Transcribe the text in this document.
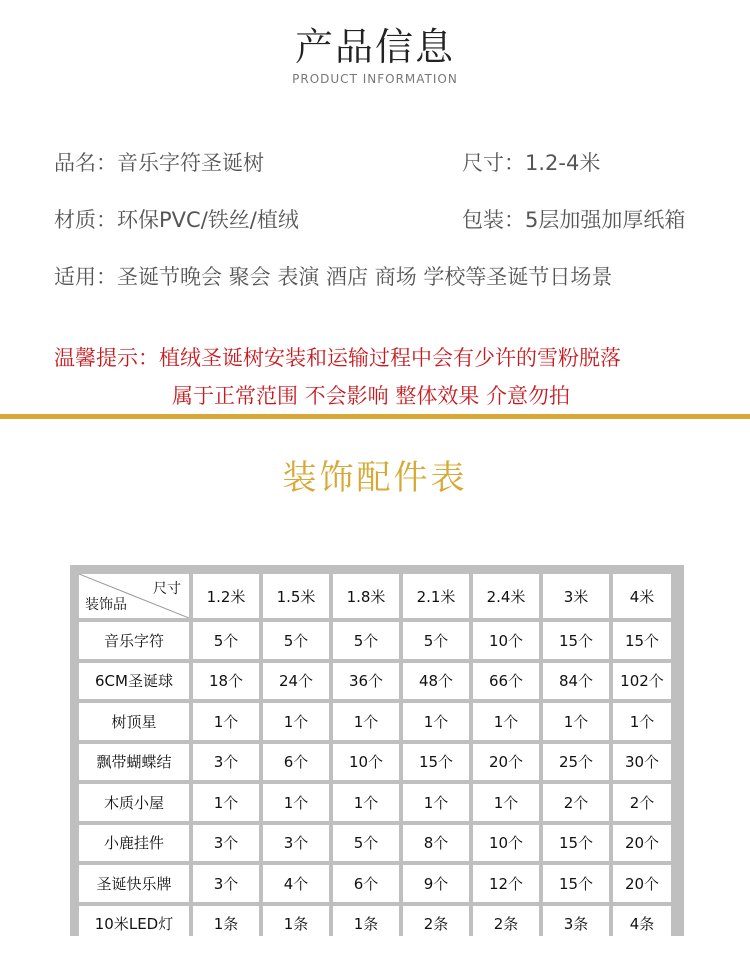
产品信息
PRODUCT INFORMATION
品名：音乐字符圣诞树	尺寸：1.2-4米
材质：环保PVC/铁丝/植绒	包装：5层加强加厚纸箱
适用：圣诞节晚会 聚会 表演 酒店 商场 学校等圣诞节日场景
温馨提示：植绒圣诞树安装和运输过程中会有少许的雪粉脱落
属于正常范围 不会影响 整体效果 介意勿拍
装饰配件表
尺寸
装饰品	1.2米	1.5米	1.8米	2.1米	2.4米	3米	4米
音乐字符	5个	5个	5个	5个	10个	15个	15个
6CM圣诞球	18个	24个	36个	48个	66个	84个	102个
树顶星	1个	1个	1个	1个	1个	1个	1个
飘带蝴蝶结	3个	6个	10个	15个	20个	25个	30个
木质小屋	1个	1个	1个	1个	1个	2个	2个
小鹿挂件	3个	3个	5个	8个	10个	15个	20个
圣诞快乐牌	3个	4个	6个	9个	12个	15个	20个
10米LED灯	1条	1条	1条	2条	2条	3条	4条
